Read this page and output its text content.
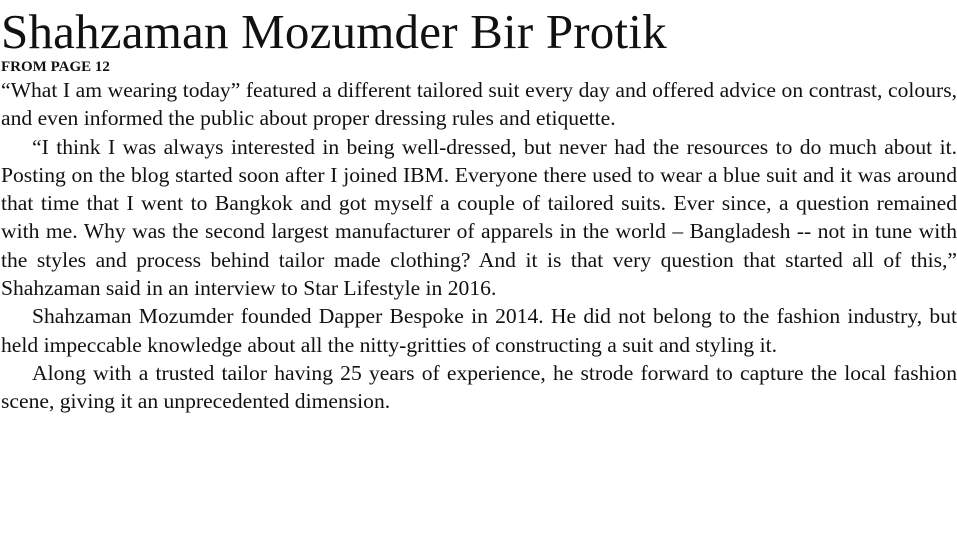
Shahzaman Mozumder Bir Protik
FROM PAGE 12

“What I am wearing today” featured a different tailored suit every day and offered advice on contrast, colours, and even informed the public about proper dressing rules and etiquette.

“I think I was always interested in being well-dressed, but never had the resources to do much about it. Posting on the blog started soon after I joined IBM. Everyone there used to wear a blue suit and it was around that time that I went to Bangkok and got myself a couple of tailored suits. Ever since, a question remained with me. Why was the second largest manufacturer of apparels in the world – Bangladesh -- not in tune with the styles and process behind tailor made clothing? And it is that very question that started all of this,” Shahzaman said in an interview to Star Lifestyle in 2016.

Shahzaman Mozumder founded Dapper Bespoke in 2014. He did not belong to the fashion industry, but held impeccable knowledge about all the nitty-gritties of constructing a suit and styling it.

Along with a trusted tailor having 25 years of experience, he strode forward to capture the local fashion scene, giving it an unprecedented dimension.
